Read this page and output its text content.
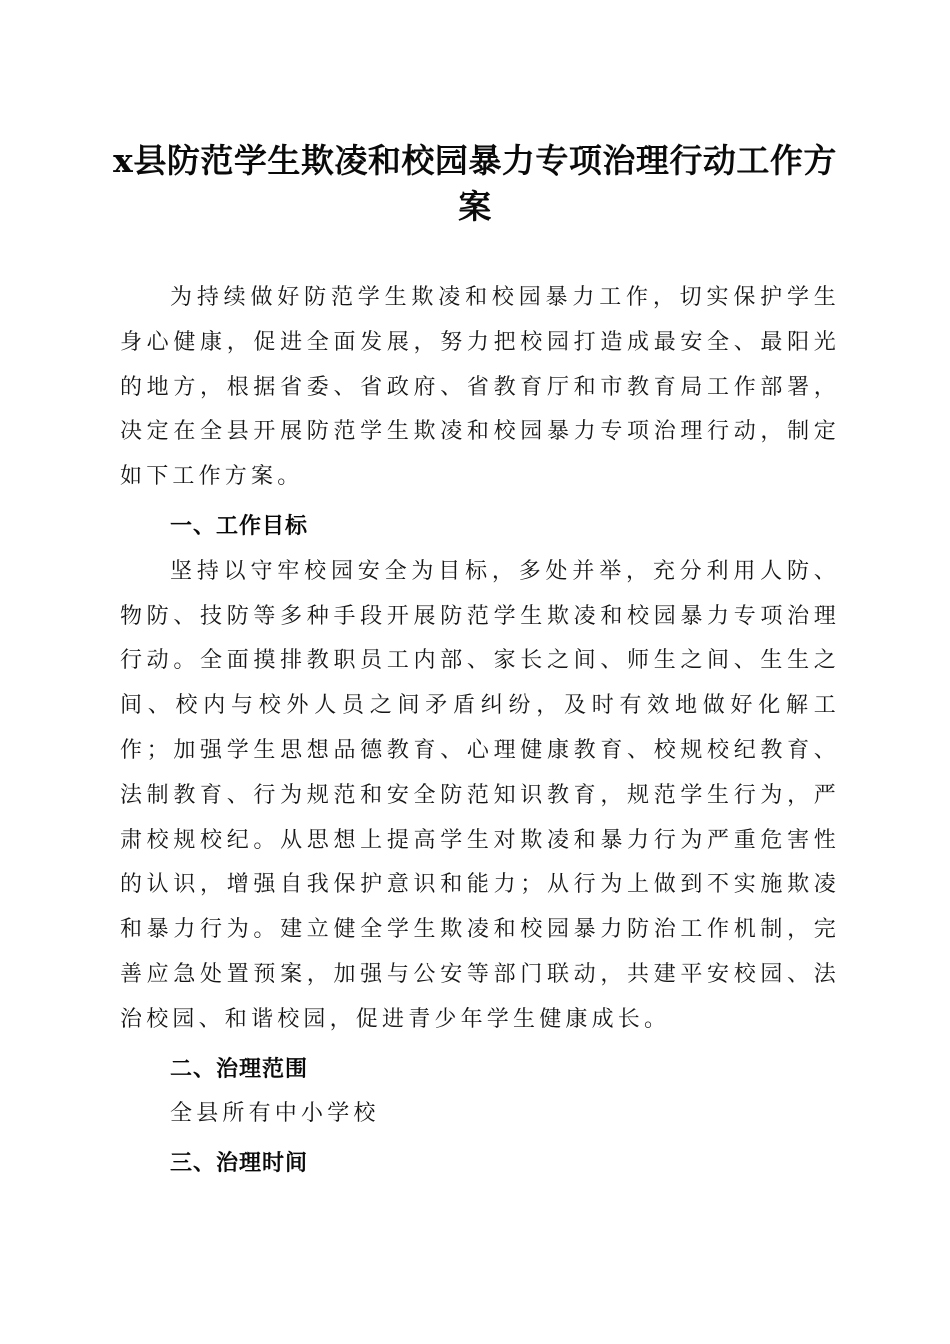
x县防范学生欺凌和校园暴力专项治理行动工作方案

为持续做好防范学生欺凌和校园暴力工作，切实保护学生身心健康，促进全面发展，努力把校园打造成最安全、最阳光的地方，根据省委、省政府、省教育厅和市教育局工作部署，决定在全县开展防范学生欺凌和校园暴力专项治理行动，制定如下工作方案。

一、工作目标

坚持以守牢校园安全为目标，多处并举，充分利用人防、物防、技防等多种手段开展防范学生欺凌和校园暴力专项治理行动。全面摸排教职员工内部、家长之间、师生之间、生生之间、校内与校外人员之间矛盾纠纷，及时有效地做好化解工作；加强学生思想品德教育、心理健康教育、校规校纪教育、法制教育、行为规范和安全防范知识教育，规范学生行为，严肃校规校纪。从思想上提高学生对欺凌和暴力行为严重危害性的认识，增强自我保护意识和能力；从行为上做到不实施欺凌和暴力行为。建立健全学生欺凌和校园暴力防治工作机制，完善应急处置预案，加强与公安等部门联动，共建平安校园、法治校园、和谐校园，促进青少年学生健康成长。

二、治理范围

全县所有中小学校

三、治理时间
